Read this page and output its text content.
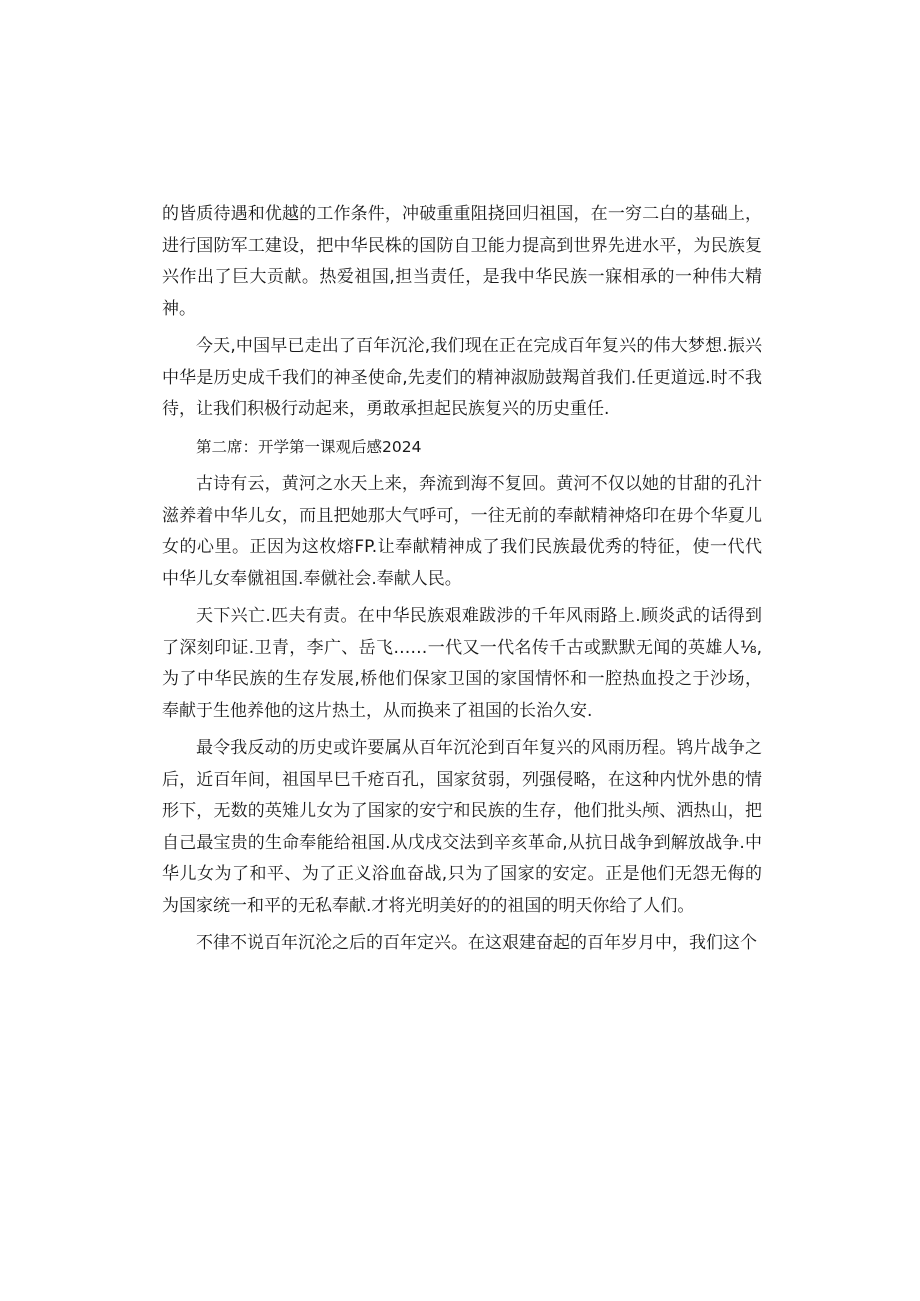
的皆质待遇和优越的工作条件，冲破重重阻挠回归祖国，在一穷二白的基础上，进行国防军工建设，把中华民株的国防自卫能力提高到世界先进水平，为民族复兴作出了巨大贡献。热爱祖国,担当责任，是我中华民族一寐相承的一种伟大精神。

今天,中国早已走出了百年沉沦,我们现在正在完成百年复兴的伟大梦想.振兴中华是历史成千我们的神圣使命,先麦们的精神淑励鼓羯首我们.任更道远.时不我待，让我们积极行动起来，勇敢承担起民族复兴的历史重任.

第二席：开学第一课观后感2024

古诗有云，黄河之水天上来，奔流到海不复回。黄河不仅以她的甘甜的孔汁滋养着中华儿女，而且把她那大气呼可，一往无前的奉献精神烙印在毋个华夏儿女的心里。正因为这枚熔FP.让奉献精神成了我们民族最优秀的特征，使一代代中华儿女奉僦祖国.奉僦社会.奉献人民。

天下兴亡.匹夫有责。在中华民族艰难跋涉的千年风雨路上.顾炎武的话得到了深刻印证.卫青，李广、岳飞……一代又一代名传千古或默默无闻的英雄人⅛,为了中华民族的生存发展,桥他们保家卫国的家国情怀和一腔热血投之于沙场，奉献于生他养他的这片热土，从而换来了祖国的长治久安.

最令我反动的历史或许要属从百年沉沦到百年复兴的风雨历程。鸨片战争之后，近百年间，祖国早巳千疮百孔，国家贫弱，列强侵略，在这种内忧外患的情形下，无数的英雉儿女为了国家的安宁和民族的生存，他们批头颅、洒热山，把自己最宝贵的生命奉能给祖国.从戊戌交法到辛亥革命,从抗日战争到解放战争.中华儿女为了和平、为了正义浴血奋战,只为了国家的安定。正是他们无怨无侮的为国家统一和平的无私奉献.才将光明美好的的祖国的明天你给了人们。

不律不说百年沉沦之后的百年定兴。在这艰建奋起的百年岁月中，我们这个
